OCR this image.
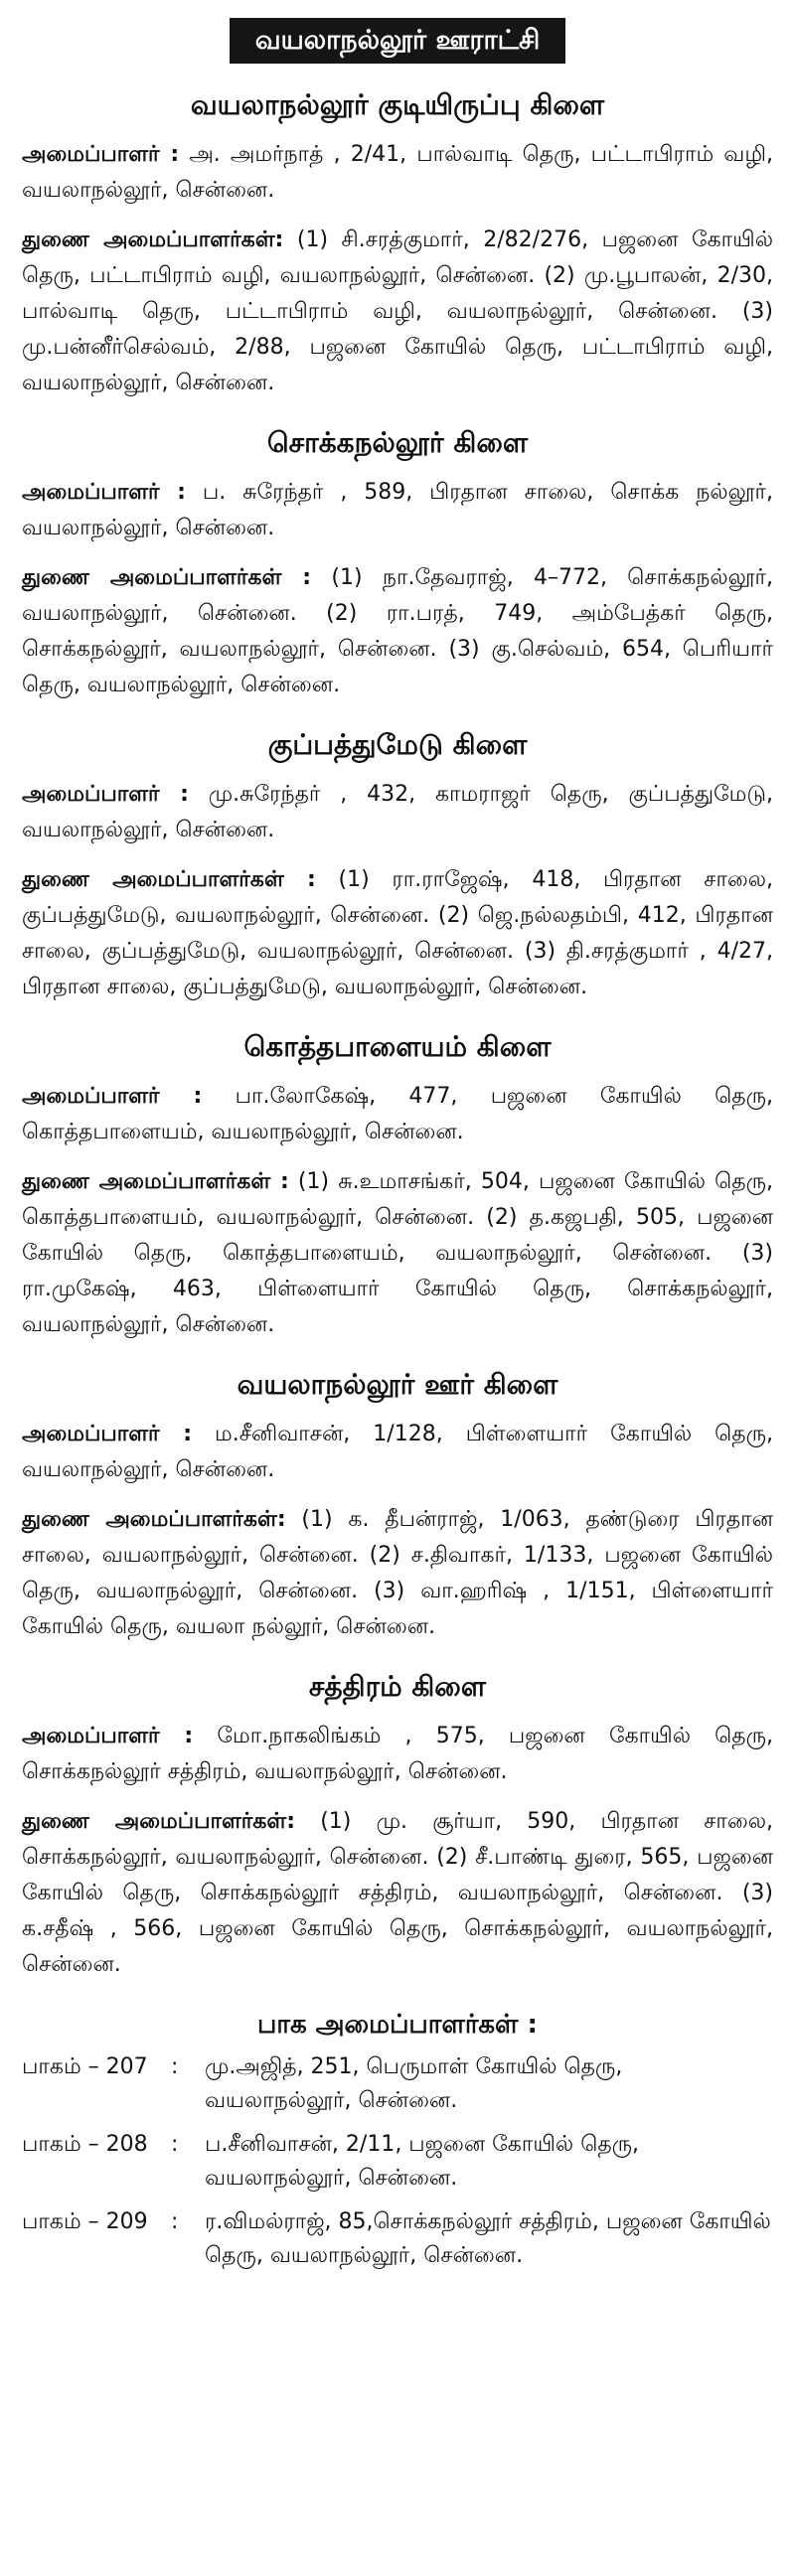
வயலாநல்லூர் ஊராட்சி
வயலாநல்லூர் குடியிருப்பு கிளை

அமைப்பாளர் : அ. அமர்நாத் , 2/41, பால்வாடி தெரு, பட்டாபிராம் வழி, வயலாநல்லூர், சென்னை.

துணை அமைப்பாளர்கள்: (1) சி.சரத்குமார், 2/82/276, பஜனை கோயில் தெரு, பட்டாபிராம் வழி, வயலாநல்லூர், சென்னை. (2) மு.பூபாலன், 2/30, பால்வாடி தெரு, பட்டாபிராம் வழி, வயலாநல்லூர், சென்னை. (3) மு.பன்னீர்செல்வம், 2/88, பஜனை கோயில் தெரு, பட்டாபிராம் வழி, வயலாநல்லூர், சென்னை.

சொக்கநல்லூர் கிளை

அமைப்பாளர் : ப. சுரேந்தர் , 589, பிரதான சாலை, சொக்க நல்லூர், வயலாநல்லூர், சென்னை.

துணை அமைப்பாளர்கள் : (1) நா.தேவராஜ், 4–772, சொக்கநல்லூர், வயலாநல்லூர், சென்னை. (2) ரா.பரத், 749, அம்பேத்கர் தெரு, சொக்கநல்லூர், வயலாநல்லூர், சென்னை. (3) கு.செல்வம், 654, பெரியார் தெரு, வயலாநல்லூர், சென்னை.

குப்பத்துமேடு கிளை

அமைப்பாளர் : மு.சுரேந்தர் , 432, காமராஜர் தெரு, குப்பத்துமேடு, வயலாநல்லூர், சென்னை.

துணை அமைப்பாளர்கள் : (1) ரா.ராஜேஷ், 418, பிரதான சாலை, குப்பத்துமேடு, வயலாநல்லூர், சென்னை. (2) ஜெ.நல்லதம்பி, 412, பிரதான சாலை, குப்பத்துமேடு, வயலாநல்லூர், சென்னை. (3) தி.சரத்குமார் , 4/27, பிரதான சாலை, குப்பத்துமேடு, வயலாநல்லூர், சென்னை.

கொத்தபாளையம் கிளை

அமைப்பாளர் : பா.லோகேஷ், 477, பஜனை கோயில் தெரு, கொத்தபாளையம், வயலாநல்லூர், சென்னை.

துணை அமைப்பாளர்கள் : (1) சு.உமாசங்கர், 504, பஜனை கோயில் தெரு, கொத்தபாளையம், வயலாநல்லூர், சென்னை. (2) த.கஜபதி, 505, பஜனை கோயில் தெரு, கொத்தபாளையம், வயலாநல்லூர், சென்னை. (3) ரா.முகேஷ், 463, பிள்ளையார் கோயில் தெரு, சொக்கநல்லூர், வயலாநல்லூர், சென்னை.

வயலாநல்லூர் ஊர் கிளை

அமைப்பாளர் : ம.சீனிவாசன், 1/128, பிள்ளையார் கோயில் தெரு, வயலாநல்லூர், சென்னை.

துணை அமைப்பாளர்கள்: (1) க. தீபன்ராஜ், 1/063, தண்டுரை பிரதான சாலை, வயலாநல்லூர், சென்னை. (2) ச.திவாகர், 1/133, பஜனை கோயில் தெரு, வயலாநல்லூர், சென்னை. (3) வா.ஹரிஷ் , 1/151, பிள்ளையார் கோயில் தெரு, வயலா நல்லூர், சென்னை.

சத்திரம் கிளை

அமைப்பாளர் : மோ.நாகலிங்கம் , 575, பஜனை கோயில் தெரு, சொக்கநல்லூர் சத்திரம், வயலாநல்லூர், சென்னை.

துணை அமைப்பாளர்கள்: (1) மு. சூர்யா, 590, பிரதான சாலை, சொக்கநல்லூர், வயலாநல்லூர், சென்னை. (2) சீ.பாண்டி துரை, 565, பஜனை கோயில் தெரு, சொக்கநல்லூர் சத்திரம், வயலாநல்லூர், சென்னை. (3) க.சதீஷ் , 566, பஜனை கோயில் தெரு, சொக்கநல்லூர், வயலாநல்லூர், சென்னை.

பாக அமைப்பாளர்கள் :
பாகம் – 207	:	மு.அஜித், 251, பெருமாள் கோயில் தெரு, வயலாநல்லூர், சென்னை.
பாகம் – 208	:	ப.சீனிவாசன், 2/11, பஜனை கோயில் தெரு, வயலாநல்லூர், சென்னை.
பாகம் – 209	:	ர.விமல்ராஜ், 85,சொக்கநல்லூர் சத்திரம், பஜனை கோயில் தெரு, வயலாநல்லூர், சென்னை.
